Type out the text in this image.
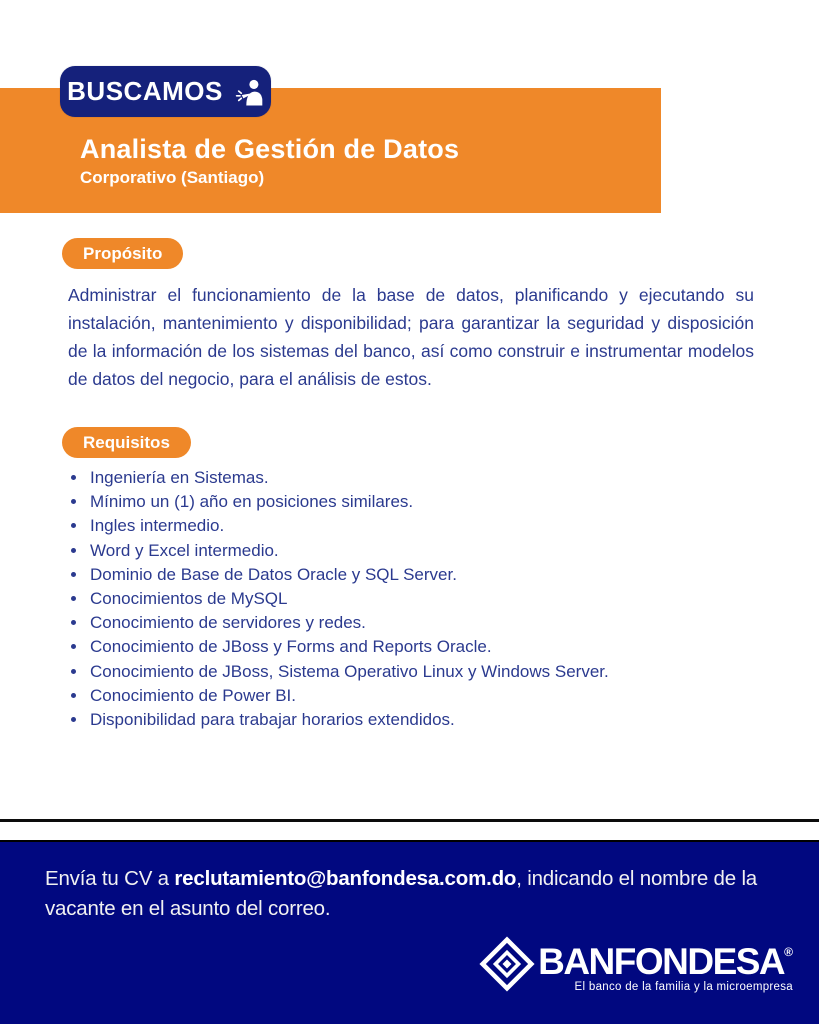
Analista de Gestión de Datos
Corporativo (Santiago)
BUSCAMOS
Propósito
Administrar el funcionamiento de la base de datos, planificando y ejecutando su instalación, mantenimiento y disponibilidad; para garantizar la seguridad y disposición de la información de los sistemas del banco, así como construir e instrumentar modelos de datos del negocio, para el análisis de estos.
Requisitos
• Ingeniería en Sistemas.
• Mínimo un (1) año en posiciones similares.
• Ingles intermedio.
• Word y Excel intermedio.
• Dominio de Base de Datos Oracle y SQL Server.
• Conocimientos de MySQL
• Conocimiento de servidores y redes.
• Conocimiento de JBoss y Forms and Reports Oracle.
• Conocimiento de JBoss, Sistema Operativo Linux y Windows Server.
• Conocimiento de Power BI.
• Disponibilidad para trabajar horarios extendidos.
Envía tu CV a reclutamiento@banfondesa.com.do, indicando el nombre de la vacante en el asunto del correo.
BANFONDESA®
El banco de la familia y la microempresa
